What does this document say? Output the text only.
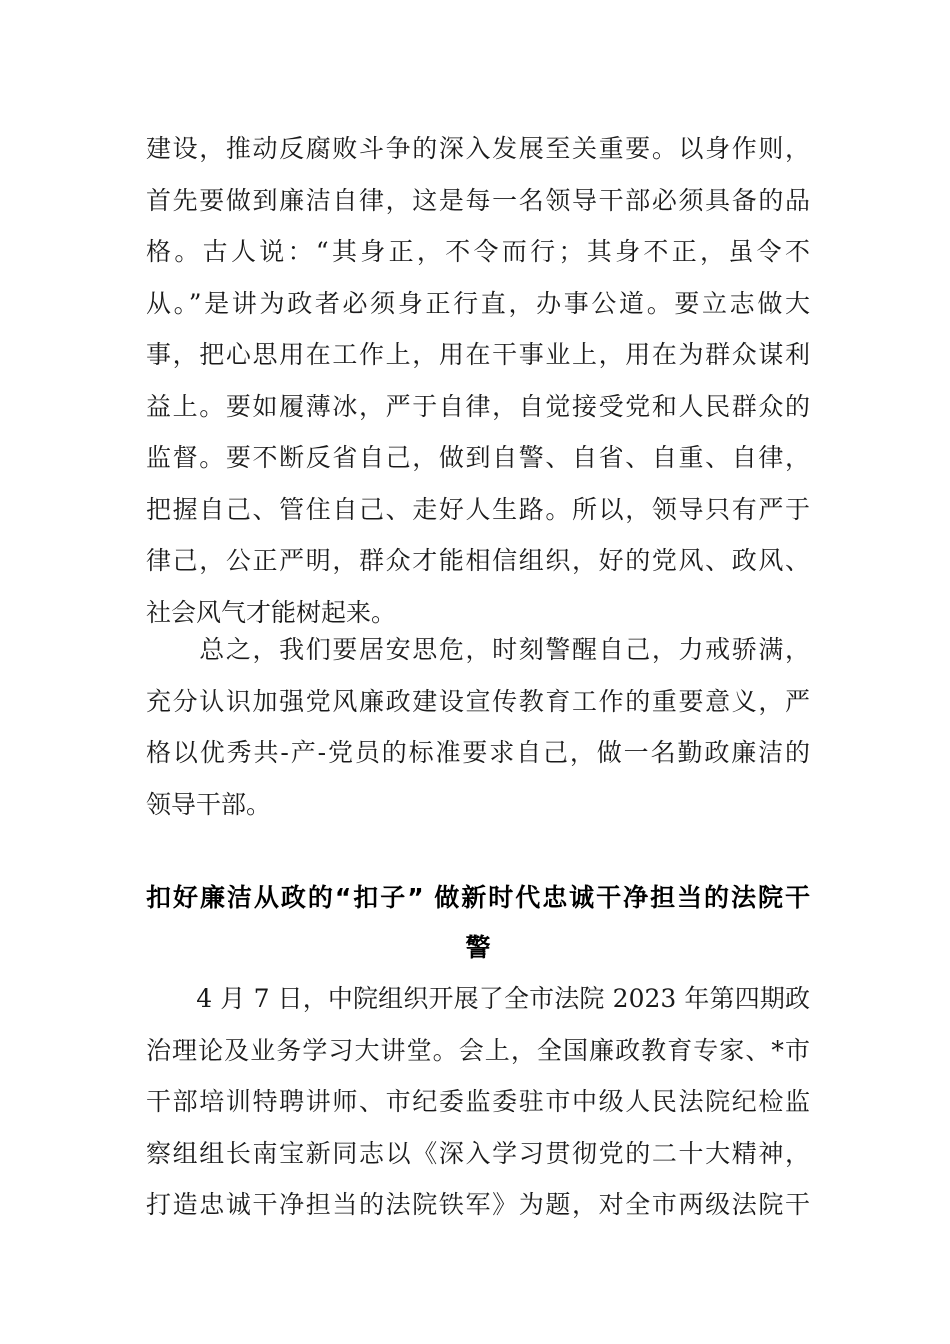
建设，推动反腐败斗争的深入发展至关重要。以身作则，
首先要做到廉洁自律，这是每一名领导干部必须具备的品
格。古人说：“其身正，不令而行；其身不正，虽令不
从。”是讲为政者必须身正行直，办事公道。要立志做大
事，把心思用在工作上，用在干事业上，用在为群众谋利
益上。要如履薄冰，严于自律，自觉接受党和人民群众的
监督。要不断反省自己，做到自警、自省、自重、自律，
把握自己、管住自己、走好人生路。所以，领导只有严于
律己，公正严明，群众才能相信组织，好的党风、政风、
社会风气才能树起来。
　　总之，我们要居安思危，时刻警醒自己，力戒骄满，
充分认识加强党风廉政建设宣传教育工作的重要意义，严
格以优秀共-产-党员的标准要求自己，做一名勤政廉洁的
领导干部。
扣好廉洁从政的“扣子” 做新时代忠诚干净担当的法院干
警
　　4 月 7 日，中院组织开展了全市法院 2023 年第四期政
治理论及业务学习大讲堂。会上，全国廉政教育专家、*市
干部培训特聘讲师、市纪委监委驻市中级人民法院纪检监
察组组长南宝新同志以《深入学习贯彻党的二十大精神，
打造忠诚干净担当的法院铁军》为题，对全市两级法院干
